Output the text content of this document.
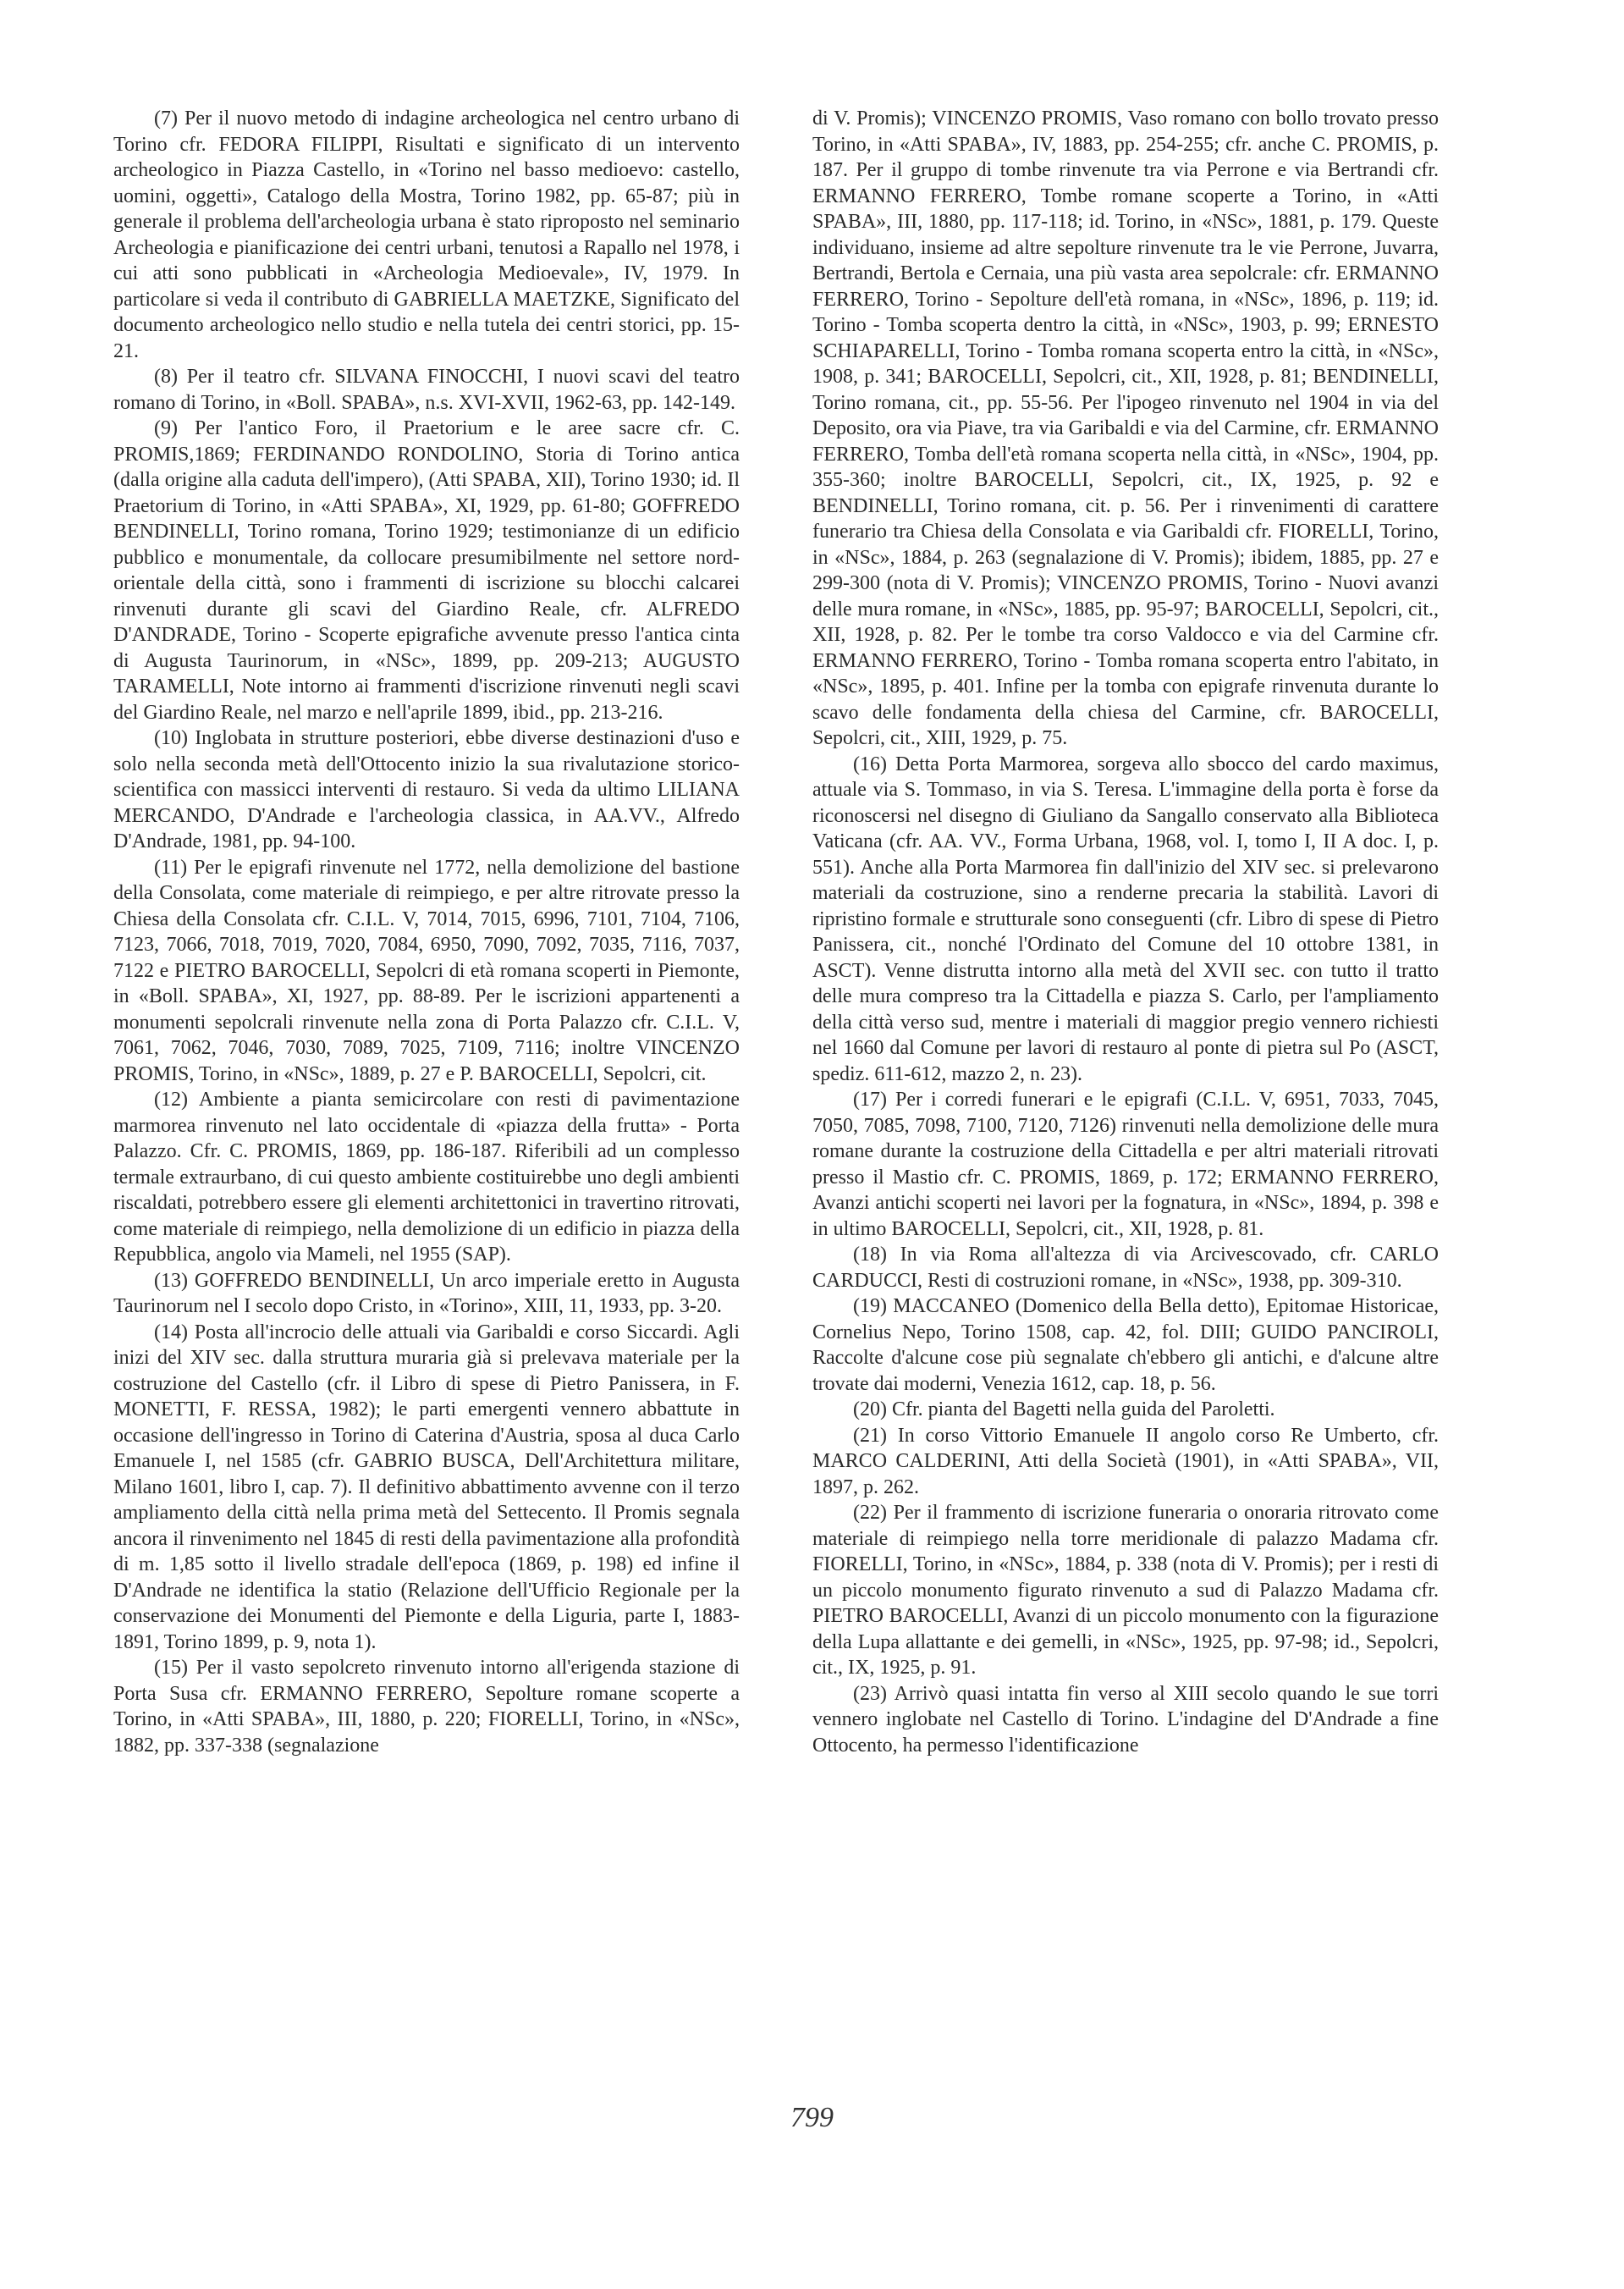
(7) Per il nuovo metodo di indagine archeologica nel centro urbano di Torino cfr. FEDORA FILIPPI, Risultati e significato di un intervento archeologico in Piazza Castello, in «Torino nel basso medioevo: castello, uomini, oggetti», Catalogo della Mostra, Torino 1982, pp. 65-87; più in generale il problema dell'archeologia urbana è stato riproposto nel seminario Archeologia e pianificazione dei centri urbani, tenutosi a Rapallo nel 1978, i cui atti sono pubblicati in «Archeologia Medioevale», IV, 1979. In particolare si veda il contributo di GABRIELLA MAETZKE, Significato del documento archeologico nello studio e nella tutela dei centri storici, pp. 15-21.

(8) Per il teatro cfr. SILVANA FINOCCHI, I nuovi scavi del teatro romano di Torino, in «Boll. SPABA», n.s. XVI-XVII, 1962-63, pp. 142-149.

(9) Per l'antico Foro, il Praetorium e le aree sacre cfr. C. PROMIS,1869; FERDINANDO RONDOLINO, Storia di Torino antica (dalla origine alla caduta dell'impero), (Atti SPABA, XII), Torino 1930; id. Il Praetorium di Torino, in «Atti SPABA», XI, 1929, pp. 61-80; GOFFREDO BENDINELLI, Torino romana, Torino 1929; testimonianze di un edificio pubblico e monumentale, da collocare presumibilmente nel settore nord-orientale della città, sono i frammenti di iscrizione su blocchi calcarei rinvenuti durante gli scavi del Giardino Reale, cfr. ALFREDO D'ANDRADE, Torino - Scoperte epigrafiche avvenute presso l'antica cinta di Augusta Taurinorum, in «NSc», 1899, pp. 209-213; AUGUSTO TARAMELLI, Note intorno ai frammenti d'iscrizione rinvenuti negli scavi del Giardino Reale, nel marzo e nell'aprile 1899, ibid., pp. 213-216.

(10) Inglobata in strutture posteriori, ebbe diverse destinazioni d'uso e solo nella seconda metà dell'Ottocento inizio la sua rivalutazione storico-scientifica con massicci interventi di restauro. Si veda da ultimo LILIANA MERCANDO, D'Andrade e l'archeologia classica, in AA.VV., Alfredo D'Andrade, 1981, pp. 94-100.

(11) Per le epigrafi rinvenute nel 1772, nella demolizione del bastione della Consolata, come materiale di reimpiego, e per altre ritrovate presso la Chiesa della Consolata cfr. C.I.L. V, 7014, 7015, 6996, 7101, 7104, 7106, 7123, 7066, 7018, 7019, 7020, 7084, 6950, 7090, 7092, 7035, 7116, 7037, 7122 e PIETRO BAROCELLI, Sepolcri di età romana scoperti in Piemonte, in «Boll. SPABA», XI, 1927, pp. 88-89. Per le iscrizioni appartenenti a monumenti sepolcrali rinvenute nella zona di Porta Palazzo cfr. C.I.L. V, 7061, 7062, 7046, 7030, 7089, 7025, 7109, 7116; inoltre VINCENZO PROMIS, Torino, in «NSc», 1889, p. 27 e P. BAROCELLI, Sepolcri, cit.

(12) Ambiente a pianta semicircolare con resti di pavimentazione marmorea rinvenuto nel lato occidentale di «piazza della frutta» - Porta Palazzo. Cfr. C. PROMIS, 1869, pp. 186-187. Riferibili ad un complesso termale extraurbano, di cui questo ambiente costituirebbe uno degli ambienti riscaldati, potrebbero essere gli elementi architettonici in travertino ritrovati, come materiale di reimpiego, nella demolizione di un edificio in piazza della Repubblica, angolo via Mameli, nel 1955 (SAP).

(13) GOFFREDO BENDINELLI, Un arco imperiale eretto in Augusta Taurinorum nel I secolo dopo Cristo, in «Torino», XIII, 11, 1933, pp. 3-20.

(14) Posta all'incrocio delle attuali via Garibaldi e corso Siccardi. Agli inizi del XIV sec. dalla struttura muraria già si prelevava materiale per la costruzione del Castello (cfr. il Libro di spese di Pietro Panissera, in F. MONETTI, F. RESSA, 1982); le parti emergenti vennero abbattute in occasione dell'ingresso in Torino di Caterina d'Austria, sposa al duca Carlo Emanuele I, nel 1585 (cfr. GABRIO BUSCA, Dell'Architettura militare, Milano 1601, libro I, cap. 7). Il definitivo abbattimento avvenne con il terzo ampliamento della città nella prima metà del Settecento. Il Promis segnala ancora il rinvenimento nel 1845 di resti della pavimentazione alla profondità di m. 1,85 sotto il livello stradale dell'epoca (1869, p. 198) ed infine il D'Andrade ne identifica la statio (Relazione dell'Ufficio Regionale per la conservazione dei Monumenti del Piemonte e della Liguria, parte I, 1883-1891, Torino 1899, p. 9, nota 1).

(15) Per il vasto sepolcreto rinvenuto intorno all'erigenda stazione di Porta Susa cfr. ERMANNO FERRERO, Sepolture romane scoperte a Torino, in «Atti SPABA», III, 1880, p. 220; FIORELLI, Torino, in «NSc», 1882, pp. 337-338 (segnalazione

di V. Promis); VINCENZO PROMIS, Vaso romano con bollo trovato presso Torino, in «Atti SPABA», IV, 1883, pp. 254-255; cfr. anche C. PROMIS, p. 187. Per il gruppo di tombe rinvenute tra via Perrone e via Bertrandi cfr. ERMANNO FERRERO, Tombe romane scoperte a Torino, in «Atti SPABA», III, 1880, pp. 117-118; id. Torino, in «NSc», 1881, p. 179. Queste individuano, insieme ad altre sepolture rinvenute tra le vie Perrone, Juvarra, Bertrandi, Bertola e Cernaia, una più vasta area sepolcrale: cfr. ERMANNO FERRERO, Torino - Sepolture dell'età romana, in «NSc», 1896, p. 119; id. Torino - Tomba scoperta dentro la città, in «NSc», 1903, p. 99; ERNESTO SCHIAPARELLI, Torino - Tomba romana scoperta entro la città, in «NSc», 1908, p. 341; BAROCELLI, Sepolcri, cit., XII, 1928, p. 81; BENDINELLI, Torino romana, cit., pp. 55-56. Per l'ipogeo rinvenuto nel 1904 in via del Deposito, ora via Piave, tra via Garibaldi e via del Carmine, cfr. ERMANNO FERRERO, Tomba dell'età romana scoperta nella città, in «NSc», 1904, pp. 355-360; inoltre BAROCELLI, Sepolcri, cit., IX, 1925, p. 92 e BENDINELLI, Torino romana, cit. p. 56. Per i rinvenimenti di carattere funerario tra Chiesa della Consolata e via Garibaldi cfr. FIORELLI, Torino, in «NSc», 1884, p. 263 (segnalazione di V. Promis); ibidem, 1885, pp. 27 e 299-300 (nota di V. Promis); VINCENZO PROMIS, Torino - Nuovi avanzi delle mura romane, in «NSc», 1885, pp. 95-97; BAROCELLI, Sepolcri, cit., XII, 1928, p. 82. Per le tombe tra corso Valdocco e via del Carmine cfr. ERMANNO FERRERO, Torino - Tomba romana scoperta entro l'abitato, in «NSc», 1895, p. 401. Infine per la tomba con epigrafe rinvenuta durante lo scavo delle fondamenta della chiesa del Carmine, cfr. BAROCELLI, Sepolcri, cit., XIII, 1929, p. 75.

(16) Detta Porta Marmorea, sorgeva allo sbocco del cardo maximus, attuale via S. Tommaso, in via S. Teresa. L'immagine della porta è forse da riconoscersi nel disegno di Giuliano da Sangallo conservato alla Biblioteca Vaticana (cfr. AA. VV., Forma Urbana, 1968, vol. I, tomo I, II A doc. I, p. 551). Anche alla Porta Marmorea fin dall'inizio del XIV sec. si prelevarono materiali da costruzione, sino a renderne precaria la stabilità. Lavori di ripristino formale e strutturale sono conseguenti (cfr. Libro di spese di Pietro Panissera, cit., nonché l'Ordinato del Comune del 10 ottobre 1381, in ASCT). Venne distrutta intorno alla metà del XVII sec. con tutto il tratto delle mura compreso tra la Cittadella e piazza S. Carlo, per l'ampliamento della città verso sud, mentre i materiali di maggior pregio vennero richiesti nel 1660 dal Comune per lavori di restauro al ponte di pietra sul Po (ASCT, spediz. 611-612, mazzo 2, n. 23).

(17) Per i corredi funerari e le epigrafi (C.I.L. V, 6951, 7033, 7045, 7050, 7085, 7098, 7100, 7120, 7126) rinvenuti nella demolizione delle mura romane durante la costruzione della Cittadella e per altri materiali ritrovati presso il Mastio cfr. C. PROMIS, 1869, p. 172; ERMANNO FERRERO, Avanzi antichi scoperti nei lavori per la fognatura, in «NSc», 1894, p. 398 e in ultimo BAROCELLI, Sepolcri, cit., XII, 1928, p. 81.

(18) In via Roma all'altezza di via Arcivescovado, cfr. CARLO CARDUCCI, Resti di costruzioni romane, in «NSc», 1938, pp. 309-310.

(19) MACCANEO (Domenico della Bella detto), Epitomae Historicae, Cornelius Nepo, Torino 1508, cap. 42, fol. DIII; GUIDO PANCIROLI, Raccolte d'alcune cose più segnalate ch'ebbero gli antichi, e d'alcune altre trovate dai moderni, Venezia 1612, cap. 18, p. 56.

(20) Cfr. pianta del Bagetti nella guida del Paroletti.

(21) In corso Vittorio Emanuele II angolo corso Re Umberto, cfr. MARCO CALDERINI, Atti della Società (1901), in «Atti SPABA», VII, 1897, p. 262.

(22) Per il frammento di iscrizione funeraria o onoraria ritrovato come materiale di reimpiego nella torre meridionale di palazzo Madama cfr. FIORELLI, Torino, in «NSc», 1884, p. 338 (nota di V. Promis); per i resti di un piccolo monumento figurato rinvenuto a sud di Palazzo Madama cfr. PIETRO BAROCELLI, Avanzi di un piccolo monumento con la figurazione della Lupa allattante e dei gemelli, in «NSc», 1925, pp. 97-98; id., Sepolcri, cit., IX, 1925, p. 91.

(23) Arrivò quasi intatta fin verso al XIII secolo quando le sue torri vennero inglobate nel Castello di Torino. L'indagine del D'Andrade a fine Ottocento, ha permesso l'identificazione

799
